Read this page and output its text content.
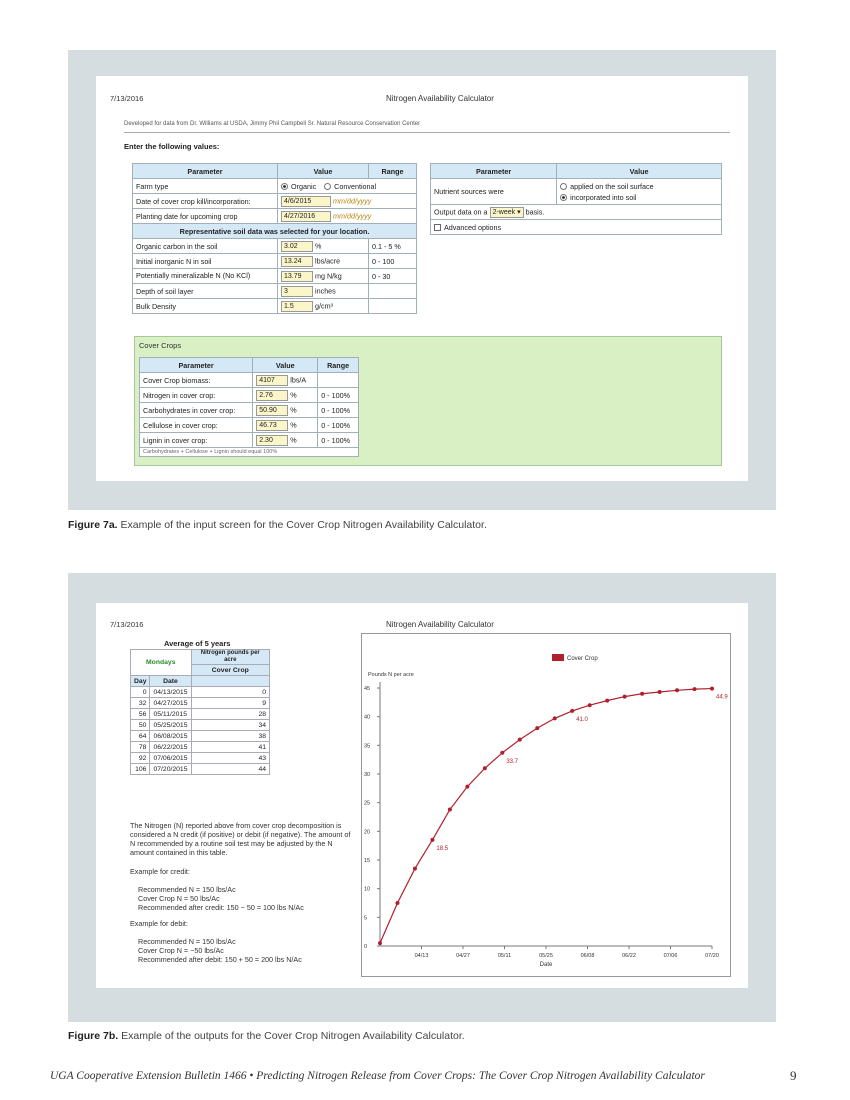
7/13/2016	Nitrogen Availability Calculator
Developed for data from Dr. Williams at USDA, Jimmy Phil Campbell Sr. Natural Resource Conservation Center
Enter the following values:
Parameter	Value	Range
Farm type	Organic Conventional	
Date of cover crop kill/incorporation:	4/6/2015 mm/dd/yyyy	
Planting date for upcoming crop	4/27/2016 mm/dd/yyyy	
Representative soil data was selected for your location.		
Organic carbon in the soil	3.02 %	0.1 - 5 %
Initial inorganic N in soil	13.24 lbs/acre	0 - 100
Potentially mineralizable N (No KCl)	13.79 mg N/kg	0 - 30
Depth of soil layer	3 inches	
Bulk Density	1.5 g/cm³	
Parameter	Value
Nutrient sources were	applied on the soil surface
incorporated into soil
Output data on a 2-week ▾ basis.	
Advanced options	
Cover Crops
Parameter	Value	Range
Cover Crop biomass:	4107 lbs/A	
Nitrogen in cover crop:	2.76 %	0 - 100%
Carbohydrates in cover crop:	50.90 %	0 - 100%
Cellulose in cover crop:	46.73 %	0 - 100%
Lignin in cover crop:	2.30 %	0 - 100%
Carbohydrates + Cellulose + Lignin should equal 100%		
Figure 7a. Example of the input screen for the Cover Crop Nitrogen Availability Calculator.
7/13/2016	Nitrogen Availability Calculator
Average of 5 years
Mondays		Nitrogen pounds per acre
		Cover Crop
Day	Date	
0	04/13/2015	0
32	04/27/2015	9
56	05/11/2015	28
50	05/25/2015	34
64	06/08/2015	38
78	06/22/2015	41
92	07/06/2015	43
106	07/20/2015	44
The Nitrogen (N) reported above from cover crop decomposition is considered a N credit (if positive) or debit (if negative). The amount of N recommended by a routine soil test may be adjusted by the N amount contained in this table.
Example for credit:
Recommended N = 150 lbs/Ac
Cover Crop N = 50 lbs/Ac
Recommended after credit: 150 − 50 = 100 lbs N/Ac
Example for debit:
Recommended N = 150 lbs/Ac
Cover Crop N = −50 lbs/Ac
Recommended after debit: 150 + 50 = 200 lbs N/Ac
0
5
10
15
20
25
30
35
40
45
04/13	04/27	05/11	05/25	06/08	06/22	07/06	07/20
Pounds N per acre
Date
Cover Crop
18.5
33.7
41.0
44.9
Figure 7b. Example of the outputs for the Cover Crop Nitrogen Availability Calculator.
UGA Cooperative Extension Bulletin 1466 • Predicting Nitrogen Release from Cover Crops: The Cover Crop Nitrogen Availability Calculator	9
